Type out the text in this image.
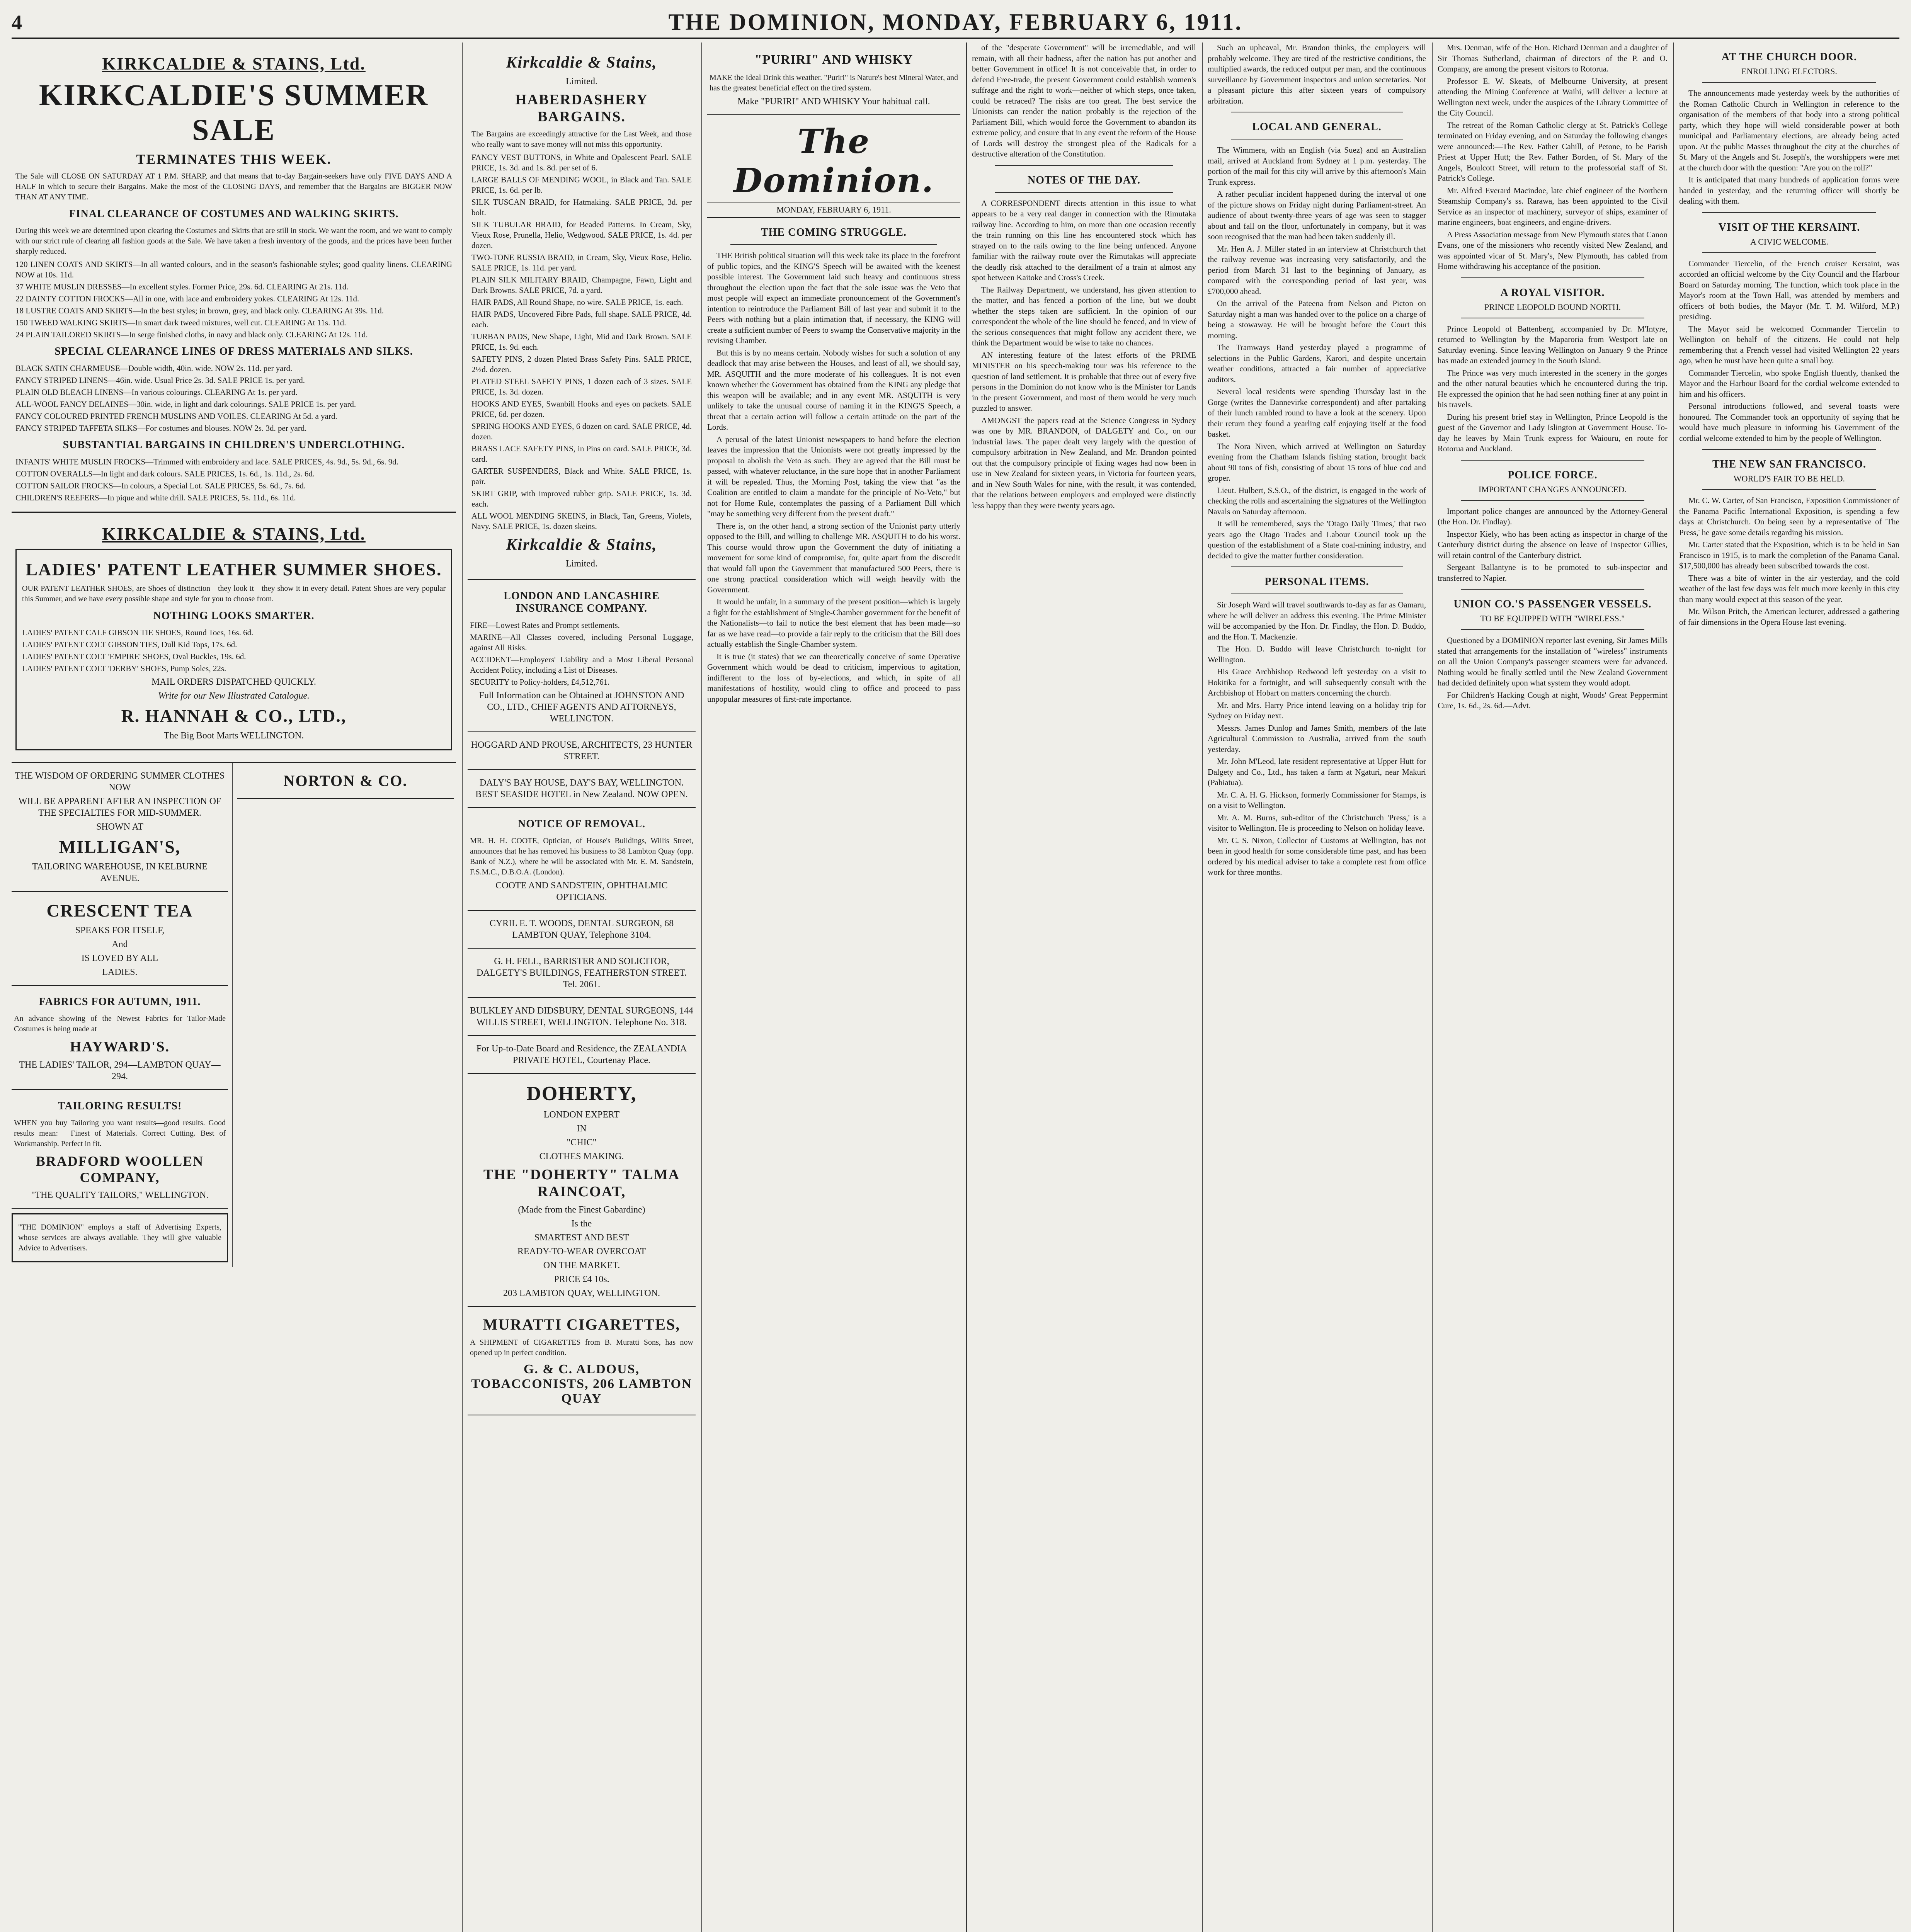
4	THE DOMINION, MONDAY, FEBRUARY 6, 1911.
KIRKCALDIE & STAINS, Ltd.
KIRKCALDIE'S SUMMER SALE
TERMINATES THIS WEEK.
The Sale will CLOSE ON SATURDAY AT 1 P.M. SHARP, and that means that to-day Bargain-seekers have only FIVE DAYS AND A HALF in which to secure their Bargains. Make the most of the CLOSING DAYS, and remember that the Bargains are BIGGER NOW THAN AT ANY TIME.
FINAL CLEARANCE OF COSTUMES AND WALKING SKIRTS.
During this week we are determined upon clearing the Costumes and Skirts that are still in stock. We want the room, and we want to comply with our strict rule of clearing all fashion goods at the Sale. We have taken a fresh inventory of the goods, and the prices have been further sharply reduced.
120 LINEN COATS AND SKIRTS—In all wanted colours, and in the season's fashionable styles; good quality linens. CLEARING NOW at 10s. 11d.
37 WHITE MUSLIN DRESSES—In excellent styles. Former Price, 29s. 6d. CLEARING At 21s. 11d.
22 DAINTY COTTON FROCKS—All in one, with lace and embroidery yokes. CLEARING At 12s. 11d.
18 LUSTRE COATS AND SKIRTS—In the best styles; in brown, grey, and black only. CLEARING At 39s. 11d.
150 TWEED WALKING SKIRTS—In smart dark tweed mixtures, well cut. CLEARING At 11s. 11d.
24 PLAIN TAILORED SKIRTS—In serge finished cloths, in navy and black only. CLEARING At 12s. 11d.
SPECIAL CLEARANCE LINES OF DRESS MATERIALS AND SILKS.
BLACK SATIN CHARMEUSE—Double width, 40in. wide. NOW 2s. 11d. per yard.
FANCY STRIPED LINENS—46in. wide. Usual Price 2s. 3d. SALE PRICE 1s. per yard.
PLAIN OLD BLEACH LINENS—In various colourings. CLEARING At 1s. per yard.
ALL-WOOL FANCY DELAINES—30in. wide, in light and dark colourings. SALE PRICE 1s. per yard.
FANCY COLOURED PRINTED FRENCH MUSLINS AND VOILES. CLEARING At 5d. a yard.
FANCY STRIPED TAFFETA SILKS—For costumes and blouses. NOW 2s. 3d. per yard.
SUBSTANTIAL BARGAINS IN CHILDREN'S UNDERCLOTHING.
INFANTS' WHITE MUSLIN FROCKS—Trimmed with embroidery and lace. SALE PRICES, 4s. 9d., 5s. 9d., 6s. 9d.
COTTON OVERALLS—In light and dark colours. SALE PRICES, 1s. 6d., 1s. 11d., 2s. 6d.
COTTON SAILOR FROCKS—In colours, a Special Lot. SALE PRICES, 5s. 6d., 7s. 6d.
CHILDREN'S REEFERS—In pique and white drill. SALE PRICES, 5s. 11d., 6s. 11d.
KIRKCALDIE & STAINS, Ltd.
LADIES' PATENT LEATHER SUMMER SHOES.
OUR PATENT LEATHER SHOES, are Shoes of distinction—they look it—they show it in every detail. Patent Shoes are very popular this Summer, and we have every possible shape and style for you to choose from.
NOTHING LOOKS SMARTER.
LADIES' PATENT CALF GIBSON TIE SHOES, Round Toes, 16s. 6d.
LADIES' PATENT COLT GIBSON TIES, Dull Kid Tops, 17s. 6d.
LADIES' PATENT COLT 'EMPIRE' SHOES, Oval Buckles, 19s. 6d.
LADIES' PATENT COLT 'DERBY' SHOES, Pump Soles, 22s.
MAIL ORDERS DISPATCHED QUICKLY.
Write for our New Illustrated Catalogue.
R. HANNAH & CO., LTD.,
The Big Boot Marts WELLINGTON.
THE WISDOM OF ORDERING SUMMER CLOTHES NOW
WILL BE APPARENT AFTER AN INSPECTION OF THE SPECIALTIES FOR MID-SUMMER.
SHOWN AT
MILLIGAN'S,
TAILORING WAREHOUSE, IN KELBURNE AVENUE.
CRESCENT TEA
SPEAKS FOR ITSELF,
And
IS LOVED BY ALL
LADIES.
FABRICS FOR AUTUMN, 1911.
An advance showing of the Newest Fabrics for Tailor-Made Costumes is being made at
HAYWARD'S.
THE LADIES' TAILOR, 294—LAMBTON QUAY—294.
TAILORING RESULTS!
WHEN you buy Tailoring you want results—good results. Good results mean:— Finest of Materials. Correct Cutting. Best of Workmanship. Perfect in fit.
BRADFORD WOOLLEN COMPANY,
"THE QUALITY TAILORS," WELLINGTON.
"THE DOMINION" employs a staff of Advertising Experts, whose services are always available. They will give valuable Advice to Advertisers.
NORTON & CO.
Kirkcaldie & Stains,
Limited.
HABERDASHERY BARGAINS.
The Bargains are exceedingly attractive for the Last Week, and those who really want to save money will not miss this opportunity.
FANCY VEST BUTTONS, in White and Opalescent Pearl. SALE PRICE, 1s. 3d. and 1s. 8d. per set of 6.
LARGE BALLS OF MENDING WOOL, in Black and Tan. SALE PRICE, 1s. 6d. per lb.
SILK TUSCAN BRAID, for Hatmaking. SALE PRICE, 3d. per bolt.
SILK TUBULAR BRAID, for Beaded Patterns. In Cream, Sky, Vieux Rose, Prunella, Helio, Wedgwood. SALE PRICE, 1s. 4d. per dozen.
TWO-TONE RUSSIA BRAID, in Cream, Sky, Vieux Rose, Helio. SALE PRICE, 1s. 11d. per yard.
PLAIN SILK MILITARY BRAID, Champagne, Fawn, Light and Dark Browns. SALE PRICE, 7d. a yard.
HAIR PADS, All Round Shape, no wire. SALE PRICE, 1s. each.
HAIR PADS, Uncovered Fibre Pads, full shape. SALE PRICE, 4d. each.
TURBAN PADS, New Shape, Light, Mid and Dark Brown. SALE PRICE, 1s. 9d. each.
SAFETY PINS, 2 dozen Plated Brass Safety Pins. SALE PRICE, 2½d. dozen.
PLATED STEEL SAFETY PINS, 1 dozen each of 3 sizes. SALE PRICE, 1s. 3d. dozen.
HOOKS AND EYES, Swanbill Hooks and eyes on packets. SALE PRICE, 6d. per dozen.
SPRING HOOKS AND EYES, 6 dozen on card. SALE PRICE, 4d. dozen.
BRASS LACE SAFETY PINS, in Pins on card. SALE PRICE, 3d. card.
GARTER SUSPENDERS, Black and White. SALE PRICE, 1s. pair.
SKIRT GRIP, with improved rubber grip. SALE PRICE, 1s. 3d. each.
ALL WOOL MENDING SKEINS, in Black, Tan, Greens, Violets, Navy. SALE PRICE, 1s. dozen skeins.
Kirkcaldie & Stains,
Limited.
LONDON AND LANCASHIRE INSURANCE COMPANY.
FIRE—Lowest Rates and Prompt settlements.
MARINE—All Classes covered, including Personal Luggage, against All Risks.
ACCIDENT—Employers' Liability and a Most Liberal Personal Accident Policy, including a List of Diseases.
SECURITY to Policy-holders, £4,512,761.
Full Information can be Obtained at JOHNSTON AND CO., LTD., CHIEF AGENTS AND ATTORNEYS, WELLINGTON.
HOGGARD AND PROUSE, ARCHITECTS, 23 HUNTER STREET.
DALY'S BAY HOUSE, DAY'S BAY, WELLINGTON. BEST SEASIDE HOTEL in New Zealand. NOW OPEN.
NOTICE OF REMOVAL.
MR. H. H. COOTE, Optician, of House's Buildings, Willis Street, announces that he has removed his business to 38 Lambton Quay (opp. Bank of N.Z.), where he will be associated with Mr. E. M. Sandstein, F.S.M.C., D.B.O.A. (London).
COOTE AND SANDSTEIN, OPHTHALMIC OPTICIANS.
CYRIL E. T. WOODS, DENTAL SURGEON, 68 LAMBTON QUAY, Telephone 3104.
G. H. FELL, BARRISTER AND SOLICITOR, DALGETY'S BUILDINGS, FEATHERSTON STREET. Tel. 2061.
BULKLEY AND DIDSBURY, DENTAL SURGEONS, 144 WILLIS STREET, WELLINGTON. Telephone No. 318.
For Up-to-Date Board and Residence, the ZEALANDIA PRIVATE HOTEL, Courtenay Place.
DOHERTY,
LONDON EXPERT
IN
"CHIC"
CLOTHES MAKING.
THE "DOHERTY" TALMA RAINCOAT,
(Made from the Finest Gabardine)
Is the
SMARTEST AND BEST
READY-TO-WEAR OVERCOAT
ON THE MARKET.
PRICE £4 10s.
203 LAMBTON QUAY, WELLINGTON.
MURATTI CIGARETTES,
A SHIPMENT of CIGARETTES from B. Muratti Sons, has now opened up in perfect condition.
G. & C. ALDOUS, TOBACCONISTS, 206 LAMBTON QUAY
"PURIRI" AND WHISKY
MAKE the Ideal Drink this weather. "Puriri" is Nature's best Mineral Water, and has the greatest beneficial effect on the tired system.
Make "PURIRI" AND WHISKY Your habitual call.
The Dominion.
MONDAY, FEBRUARY 6, 1911.
THE COMING STRUGGLE.

THE British political situation will this week take its place in the forefront of public topics, and the KING'S Speech will be awaited with the keenest possible interest. The Government laid such heavy and continuous stress throughout the election upon the fact that the sole issue was the Veto that most people will expect an immediate pronouncement of the Government's intention to reintroduce the Parliament Bill of last year and submit it to the Peers with nothing but a plain intimation that, if necessary, the KING will create a sufficient number of Peers to swamp the Conservative majority in the revising Chamber.

But this is by no means certain. Nobody wishes for such a solution of any deadlock that may arise between the Houses, and least of all, we should say, MR. ASQUITH and the more moderate of his colleagues. It is not even known whether the Government has obtained from the KING any pledge that this weapon will be available; and in any event MR. ASQUITH is very unlikely to take the unusual course of naming it in the KING'S Speech, a threat that a certain action will follow a certain attitude on the part of the Lords.

A perusal of the latest Unionist newspapers to hand before the election leaves the impression that the Unionists were not greatly impressed by the proposal to abolish the Veto as such. They are agreed that the Bill must be passed, with whatever reluctance, in the sure hope that in another Parliament it will be repealed. Thus, the Morning Post, taking the view that "as the Coalition are entitled to claim a mandate for the principle of No-Veto," but not for Home Rule, contemplates the passing of a Parliament Bill which "may be something very different from the present draft."

There is, on the other hand, a strong section of the Unionist party utterly opposed to the Bill, and willing to challenge MR. ASQUITH to do his worst. This course would throw upon the Government the duty of initiating a movement for some kind of compromise, for, quite apart from the discredit that would fall upon the Government that manufactured 500 Peers, there is one strong practical consideration which will weigh heavily with the Government.

It would be unfair, in a summary of the present position—which is largely a fight for the establishment of Single-Chamber government for the benefit of the Nationalists—to fail to notice the best element that has been made—so far as we have read—to provide a fair reply to the criticism that the Bill does actually establish the Single-Chamber system.

It is true (it states) that we can theoretically conceive of some Operative Government which would be dead to criticism, impervious to agitation, indifferent to the loss of by-elections, and which, in spite of all manifestations of hostility, would cling to office and proceed to pass unpopular measures of first-rate importance.

of the "desperate Government" will be irremediable, and will remain, with all their badness, after the nation has put another and better Government in office! It is not conceivable that, in order to defend Free-trade, the present Government could establish women's suffrage and the right to work—neither of which steps, once taken, could be retraced? The risks are too great. The best service the Unionists can render the nation probably is the rejection of the Parliament Bill, which would force the Government to abandon its extreme policy, and ensure that in any event the reform of the House of Lords will destroy the strongest plea of the Radicals for a destructive alteration of the Constitution.

NOTES OF THE DAY.

A CORRESPONDENT directs attention in this issue to what appears to be a very real danger in connection with the Rimutaka railway line. According to him, on more than one occasion recently the train running on this line has encountered stock which has strayed on to the rails owing to the line being unfenced. Anyone familiar with the railway route over the Rimutakas will appreciate the deadly risk attached to the derailment of a train at almost any spot between Kaitoke and Cross's Creek.

The Railway Department, we understand, has given attention to the matter, and has fenced a portion of the line, but we doubt whether the steps taken are sufficient. In the opinion of our correspondent the whole of the line should be fenced, and in view of the serious consequences that might follow any accident there, we think the Department would be wise to take no chances.

AN interesting feature of the latest efforts of the PRIME MINISTER on his speech-making tour was his reference to the question of land settlement. It is probable that three out of every five persons in the Dominion do not know who is the Minister for Lands in the present Government, and most of them would be very much puzzled to answer.

AMONGST the papers read at the Science Congress in Sydney was one by MR. BRANDON, of DALGETY and Co., on our industrial laws. The paper dealt very largely with the question of compulsory arbitration in New Zealand, and Mr. Brandon pointed out that the compulsory principle of fixing wages had now been in use in New Zealand for sixteen years, in Victoria for fourteen years, and in New South Wales for nine, with the result, it was contended, that the relations between employers and employed were distinctly less happy than they were twenty years ago.

Such an upheaval, Mr. Brandon thinks, the employers will probably welcome. They are tired of the restrictive conditions, the multiplied awards, the reduced output per man, and the continuous surveillance by Government inspectors and union secretaries. Not a pleasant picture this after sixteen years of compulsory arbitration.

LOCAL AND GENERAL.

The Wimmera, with an English (via Suez) and an Australian mail, arrived at Auckland from Sydney at 1 p.m. yesterday. The portion of the mail for this city will arrive by this afternoon's Main Trunk express.

A rather peculiar incident happened during the interval of one of the picture shows on Friday night during Parliament-street. An audience of about twenty-three years of age was seen to stagger about and fall on the floor, unfortunately in company, but it was soon recognised that the man had been taken suddenly ill.

Mr. Hen A. J. Miller stated in an interview at Christchurch that the railway revenue was increasing very satisfactorily, and the period from March 31 last to the beginning of January, as compared with the corresponding period of last year, was £700,000 ahead.

On the arrival of the Pateena from Nelson and Picton on Saturday night a man was handed over to the police on a charge of being a stowaway. He will be brought before the Court this morning.

The Tramways Band yesterday played a programme of selections in the Public Gardens, Karori, and despite uncertain weather conditions, attracted a fair number of appreciative auditors.

Several local residents were spending Thursday last in the Gorge (writes the Dannevirke correspondent) and after partaking of their lunch rambled round to have a look at the scenery. Upon their return they found a yearling calf enjoying itself at the food basket.

The Nora Niven, which arrived at Wellington on Saturday evening from the Chatham Islands fishing station, brought back about 90 tons of fish, consisting of about 15 tons of blue cod and groper.

Lieut. Hulbert, S.S.O., of the district, is engaged in the work of checking the rolls and ascertaining the signatures of the Wellington Navals on Saturday afternoon.

It will be remembered, says the 'Otago Daily Times,' that two years ago the Otago Trades and Labour Council took up the question of the establishment of a State coal-mining industry, and decided to give the matter further consideration.

PERSONAL ITEMS.

Sir Joseph Ward will travel southwards to-day as far as Oamaru, where he will deliver an address this evening. The Prime Minister will be accompanied by the Hon. Dr. Findlay, the Hon. D. Buddo, and the Hon. T. Mackenzie.

The Hon. D. Buddo will leave Christchurch to-night for Wellington.

His Grace Archbishop Redwood left yesterday on a visit to Hokitika for a fortnight, and will subsequently consult with the Archbishop of Hobart on matters concerning the church.

Mr. and Mrs. Harry Price intend leaving on a holiday trip for Sydney on Friday next.

Messrs. James Dunlop and James Smith, members of the late Agricultural Commission to Australia, arrived from the south yesterday.

Mr. John M'Leod, late resident representative at Upper Hutt for Dalgety and Co., Ltd., has taken a farm at Ngaturi, near Makuri (Pahiatua).

Mr. C. A. H. G. Hickson, formerly Commissioner for Stamps, is on a visit to Wellington.

Mr. A. M. Burns, sub-editor of the Christchurch 'Press,' is a visitor to Wellington. He is proceeding to Nelson on holiday leave.

Mr. C. S. Nixon, Collector of Customs at Wellington, has not been in good health for some considerable time past, and has been ordered by his medical adviser to take a complete rest from office work for three months.

Mrs. Denman, wife of the Hon. Richard Denman and a daughter of Sir Thomas Sutherland, chairman of directors of the P. and O. Company, are among the present visitors to Rotorua.

Professor E. W. Skeats, of Melbourne University, at present attending the Mining Conference at Waihi, will deliver a lecture at Wellington next week, under the auspices of the Library Committee of the City Council.

The retreat of the Roman Catholic clergy at St. Patrick's College terminated on Friday evening, and on Saturday the following changes were announced:—The Rev. Father Cahill, of Petone, to be Parish Priest at Upper Hutt; the Rev. Father Borden, of St. Mary of the Angels, Boulcott Street, will return to the professorial staff of St. Patrick's College.

Mr. Alfred Everard Macindoe, late chief engineer of the Northern Steamship Company's ss. Rarawa, has been appointed to the Civil Service as an inspector of machinery, surveyor of ships, examiner of marine engineers, boat engineers, and engine-drivers.

A Press Association message from New Plymouth states that Canon Evans, one of the missioners who recently visited New Zealand, and was appointed vicar of St. Mary's, New Plymouth, has cabled from Home withdrawing his acceptance of the position.

A ROYAL VISITOR.
PRINCE LEOPOLD BOUND NORTH.

Prince Leopold of Battenberg, accompanied by Dr. M'Intyre, returned to Wellington by the Maparoria from Westport late on Saturday evening. Since leaving Wellington on January 9 the Prince has made an extended journey in the South Island.

The Prince was very much interested in the scenery in the gorges and the other natural beauties which he encountered during the trip. He expressed the opinion that he had seen nothing finer at any point in his travels.

During his present brief stay in Wellington, Prince Leopold is the guest of the Governor and Lady Islington at Government House. To-day he leaves by Main Trunk express for Waiouru, en route for Rotorua and Auckland.

POLICE FORCE.
IMPORTANT CHANGES ANNOUNCED.

Important police changes are announced by the Attorney-General (the Hon. Dr. Findlay).

Inspector Kiely, who has been acting as inspector in charge of the Canterbury district during the absence on leave of Inspector Gillies, will retain control of the Canterbury district.

Sergeant Ballantyne is to be promoted to sub-inspector and transferred to Napier.

UNION CO.'S PASSENGER VESSELS.
TO BE EQUIPPED WITH "WIRELESS."

Questioned by a DOMINION reporter last evening, Sir James Mills stated that arrangements for the installation of "wireless" instruments on all the Union Company's passenger steamers were far advanced. Nothing would be finally settled until the New Zealand Government had decided definitely upon what system they would adopt.

For Children's Hacking Cough at night, Woods' Great Peppermint Cure, 1s. 6d., 2s. 6d.—Advt.

AT THE CHURCH DOOR.
ENROLLING ELECTORS.

The announcements made yesterday week by the authorities of the Roman Catholic Church in Wellington in reference to the organisation of the members of that body into a strong political party, which they hope will wield considerable power at both municipal and Parliamentary elections, are already being acted upon. At the public Masses throughout the city at the churches of St. Mary of the Angels and St. Joseph's, the worshippers were met at the church door with the question: "Are you on the roll?"

It is anticipated that many hundreds of application forms were handed in yesterday, and the returning officer will shortly be dealing with them.

VISIT OF THE KERSAINT.
A CIVIC WELCOME.

Commander Tiercelin, of the French cruiser Kersaint, was accorded an official welcome by the City Council and the Harbour Board on Saturday morning. The function, which took place in the Mayor's room at the Town Hall, was attended by members and officers of both bodies, the Mayor (Mr. T. M. Wilford, M.P.) presiding.

The Mayor said he welcomed Commander Tiercelin to Wellington on behalf of the citizens. He could not help remembering that a French vessel had visited Wellington 22 years ago, when he must have been quite a small boy.

Commander Tiercelin, who spoke English fluently, thanked the Mayor and the Harbour Board for the cordial welcome extended to him and his officers.

Personal introductions followed, and several toasts were honoured. The Commander took an opportunity of saying that he would have much pleasure in informing his Government of the cordial welcome extended to him by the people of Wellington.

THE NEW SAN FRANCISCO.
WORLD'S FAIR TO BE HELD.

Mr. C. W. Carter, of San Francisco, Exposition Commissioner of the Panama Pacific International Exposition, is spending a few days at Christchurch. On being seen by a representative of 'The Press,' he gave some details regarding his mission.

Mr. Carter stated that the Exposition, which is to be held in San Francisco in 1915, is to mark the completion of the Panama Canal. $17,500,000 has already been subscribed towards the cost.

There was a bite of winter in the air yesterday, and the cold weather of the last few days was felt much more keenly in this city than many would expect at this season of the year.

Mr. Wilson Pritch, the American lecturer, addressed a gathering of fair dimensions in the Opera House last evening.
